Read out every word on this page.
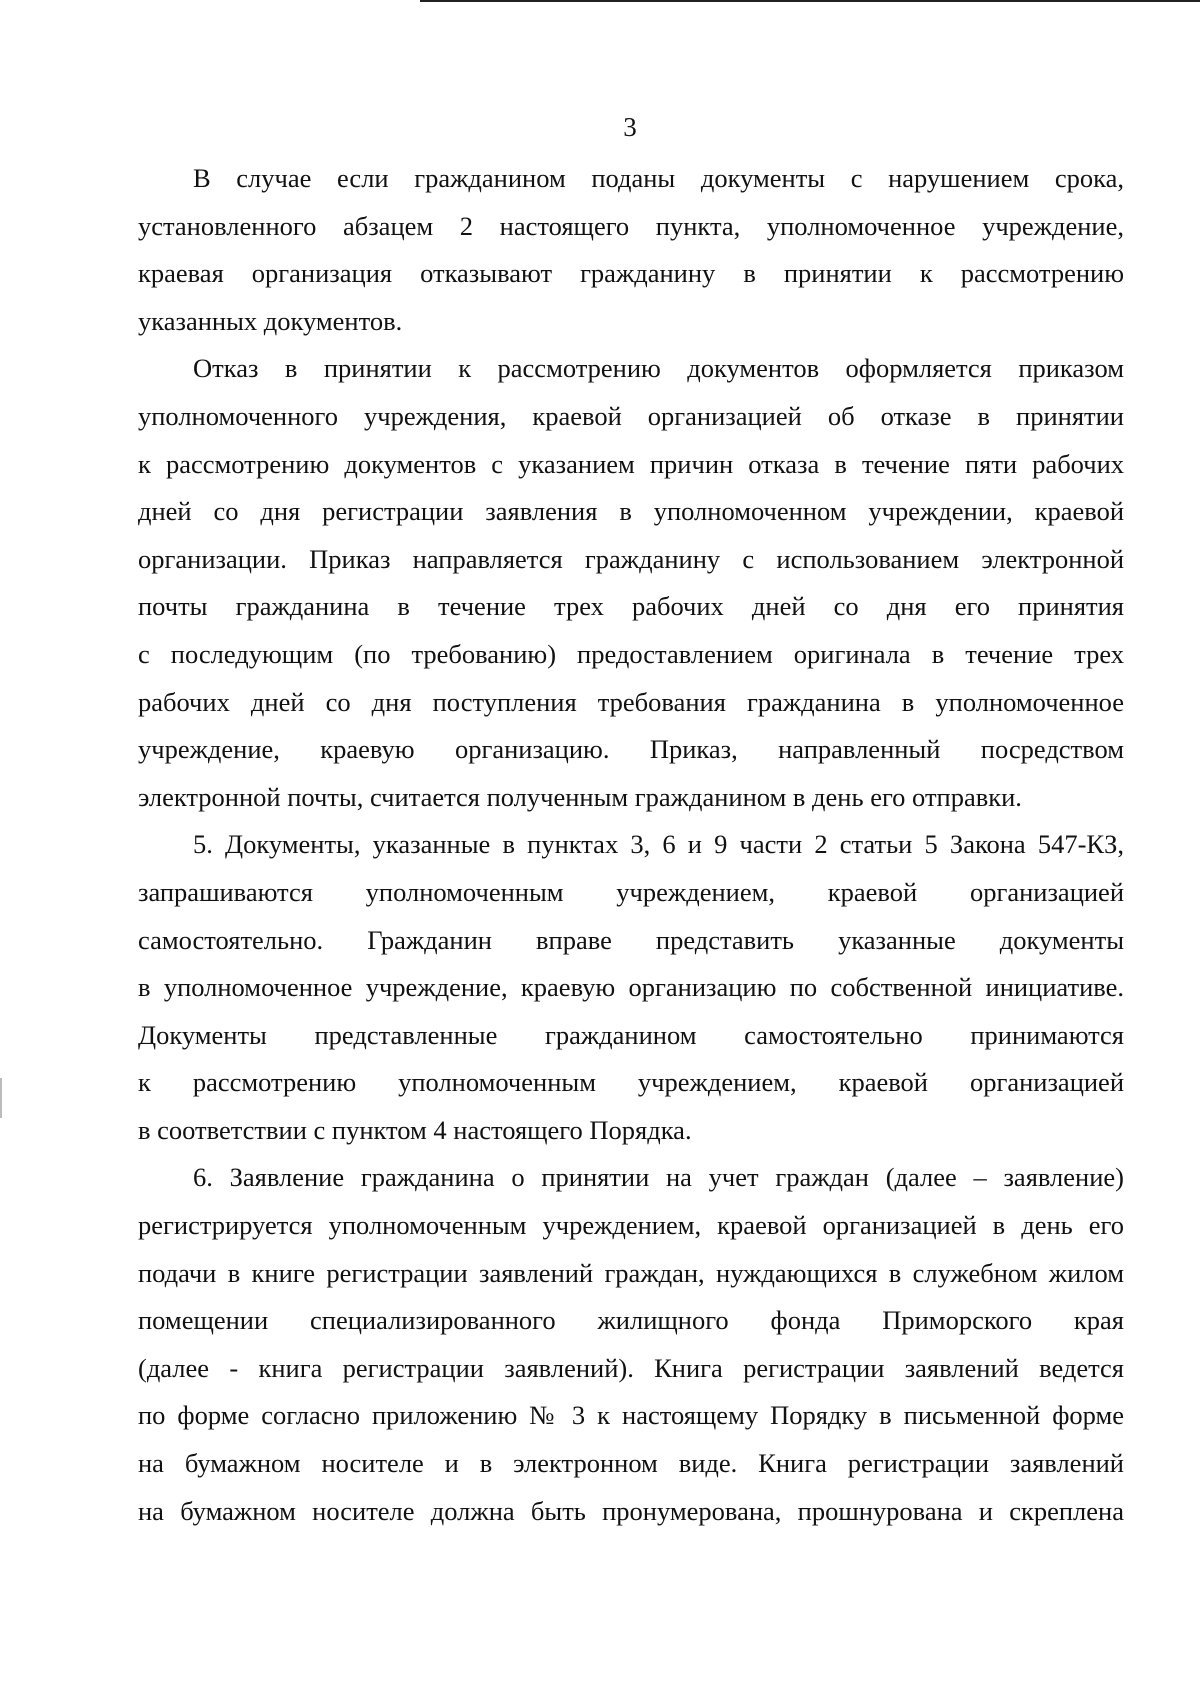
3
В случае если гражданином поданы документы с нарушением срока,
установленного абзацем 2 настоящего пункта, уполномоченное учреждение,
краевая организация отказывают гражданину в принятии к рассмотрению
указанных документов.
Отказ в принятии к рассмотрению документов оформляется приказом
уполномоченного учреждения, краевой организацией об отказе в принятии
к рассмотрению документов с указанием причин отказа в течение пяти рабочих
дней со дня регистрации заявления в уполномоченном учреждении, краевой
организации. Приказ направляется гражданину с использованием электронной
почты гражданина в течение трех рабочих дней со дня его принятия
с последующим (по требованию) предоставлением оригинала в течение трех
рабочих дней со дня поступления требования гражданина в уполномоченное
учреждение, краевую организацию. Приказ, направленный посредством
электронной почты, считается полученным гражданином в день его отправки.
5. Документы, указанные в пунктах 3, 6 и 9 части 2 статьи 5 Закона 547-КЗ,
запрашиваются уполномоченным учреждением, краевой организацией
самостоятельно. Гражданин вправе представить указанные документы
в уполномоченное учреждение, краевую организацию по собственной инициативе.
Документы представленные гражданином самостоятельно принимаются
к рассмотрению уполномоченным учреждением, краевой организацией
в соответствии с пунктом 4 настоящего Порядка.
6. Заявление гражданина о принятии на учет граждан (далее – заявление)
регистрируется уполномоченным учреждением, краевой организацией в день его
подачи в книге регистрации заявлений граждан, нуждающихся в служебном жилом
помещении специализированного жилищного фонда Приморского края
(далее - книга регистрации заявлений). Книга регистрации заявлений ведется
по форме согласно приложению № 3 к настоящему Порядку в письменной форме
на бумажном носителе и в электронном виде. Книга регистрации заявлений
на бумажном носителе должна быть пронумерована, прошнурована и скреплена
